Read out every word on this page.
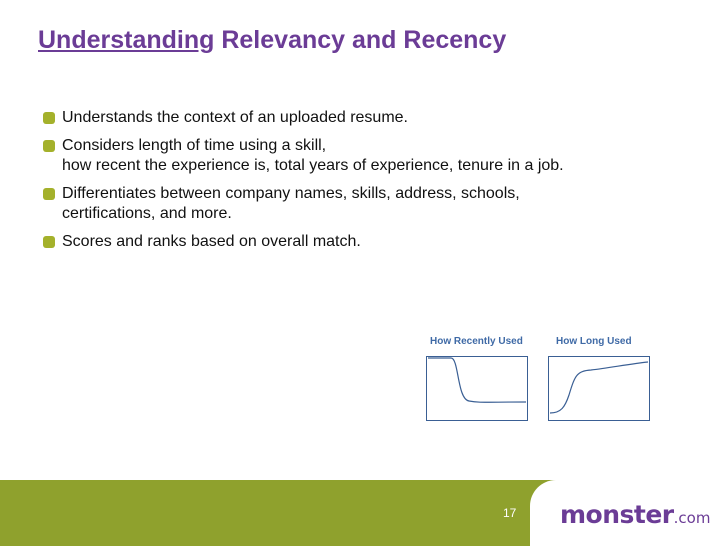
Understanding Relevancy and Recency
Understands the context of an uploaded resume.
Considers length of time using a skill,
how recent the experience is, total years of experience, tenure in a job.
Differentiates between company names, skills, address, schools,
certifications, and more.
Scores and ranks based on overall match.
How Recently Used	How Long Used
17 monster.com
